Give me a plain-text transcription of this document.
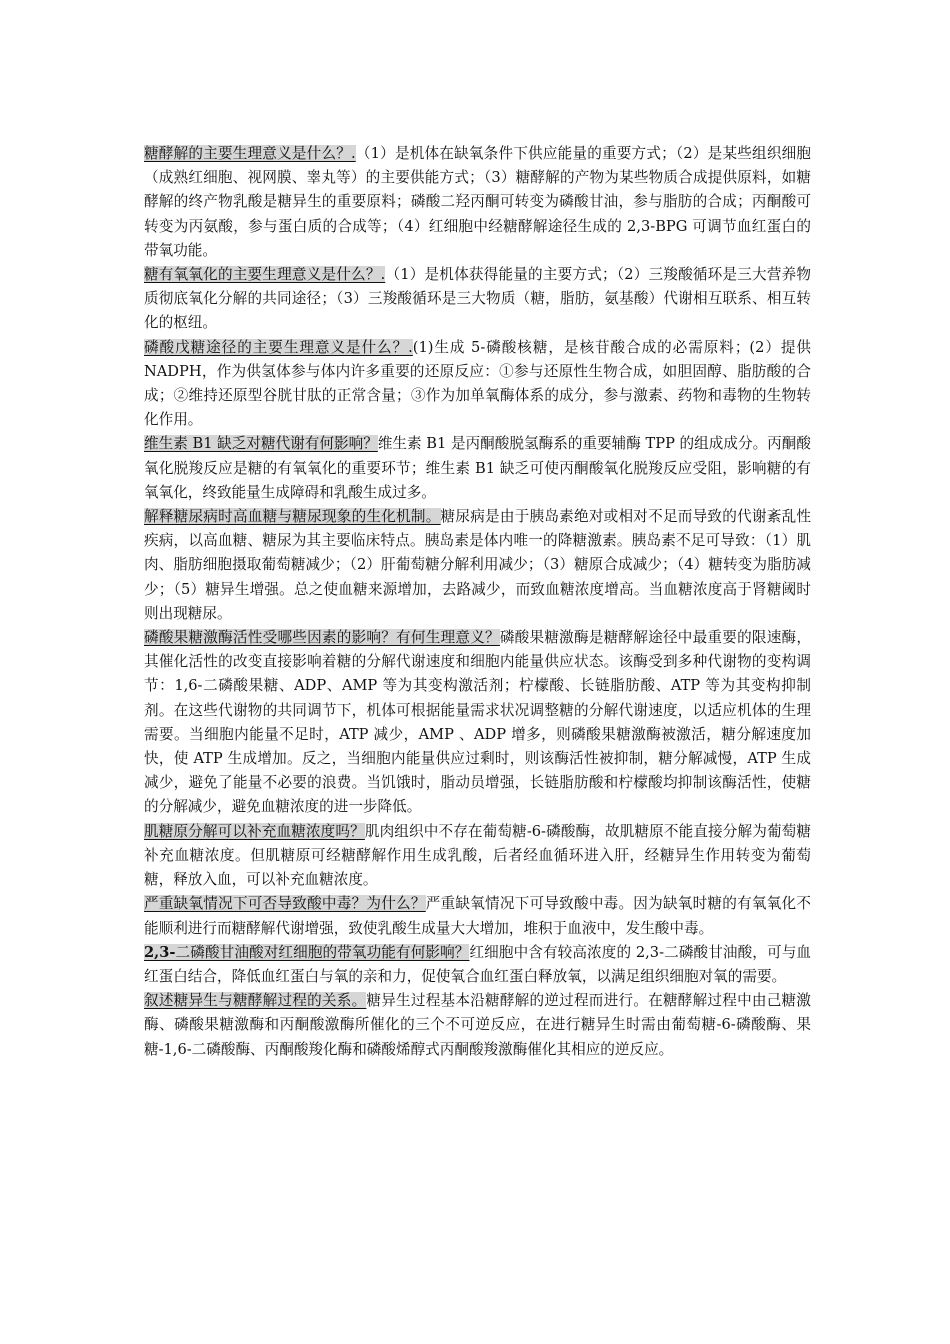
糖酵解的主要生理意义是什么？.（1）是机体在缺氧条件下供应能量的重要方式；（2）是某些组织细胞（成熟红细胞、视网膜、睾丸等）的主要供能方式；（3）糖酵解的产物为某些物质合成提供原料，如糖酵解的终产物乳酸是糖异生的重要原料；磷酸二羟丙酮可转变为磷酸甘油，参与脂肪的合成；丙酮酸可转变为丙氨酸，参与蛋白质的合成等；（4）红细胞中经糖酵解途径生成的 2,3-BPG 可调节血红蛋白的带氧功能。

糖有氧氧化的主要生理意义是什么？.（1）是机体获得能量的主要方式；（2）三羧酸循环是三大营养物质彻底氧化分解的共同途径；（3）三羧酸循环是三大物质（糖，脂肪，氨基酸）代谢相互联系、相互转化的枢纽。

磷酸戊糖途径的主要生理意义是什么？.(1)生成 5-磷酸核糖，是核苷酸合成的必需原料；(2）提供 NADPH，作为供氢体参与体内许多重要的还原反应：①参与还原性生物合成，如胆固醇、脂肪酸的合成；②维持还原型谷胱甘肽的正常含量；③作为加单氧酶体系的成分，参与激素、药物和毒物的生物转化作用。

维生素 B1 缺乏对糖代谢有何影响？维生素 B1 是丙酮酸脱氢酶系的重要辅酶 TPP 的组成成分。丙酮酸氧化脱羧反应是糖的有氧氧化的重要环节；维生素 B1 缺乏可使丙酮酸氧化脱羧反应受阻，影响糖的有氧氧化，终致能量生成障碍和乳酸生成过多。

解释糖尿病时高血糖与糖尿现象的生化机制。糖尿病是由于胰岛素绝对或相对不足而导致的代谢紊乱性疾病，以高血糖、糖尿为其主要临床特点。胰岛素是体内唯一的降糖激素。胰岛素不足可导致：（1）肌肉、脂肪细胞摄取葡萄糖减少；（2）肝葡萄糖分解利用减少；（3）糖原合成减少；（4）糖转变为脂肪减少；（5）糖异生增强。总之使血糖来源增加，去路减少，而致血糖浓度增高。当血糖浓度高于肾糖阈时则出现糖尿。

磷酸果糖激酶活性受哪些因素的影响？有何生理意义？磷酸果糖激酶是糖酵解途径中最重要的限速酶，其催化活性的改变直接影响着糖的分解代谢速度和细胞内能量供应状态。该酶受到多种代谢物的变构调节：1,6-二磷酸果糖、ADP、AMP 等为其变构激活剂；柠檬酸、长链脂肪酸、ATP 等为其变构抑制剂。在这些代谢物的共同调节下，机体可根据能量需求状况调整糖的分解代谢速度，以适应机体的生理需要。当细胞内能量不足时，ATP 减少，AMP 、ADP 增多，则磷酸果糖激酶被激活，糖分解速度加快，使 ATP 生成增加。反之，当细胞内能量供应过剩时，则该酶活性被抑制，糖分解减慢，ATP 生成减少，避免了能量不必要的浪费。当饥饿时，脂动员增强，长链脂肪酸和柠檬酸均抑制该酶活性，使糖的分解减少，避免血糖浓度的进一步降低。

肌糖原分解可以补充血糖浓度吗？肌肉组织中不存在葡萄糖-6-磷酸酶，故肌糖原不能直接分解为葡萄糖补充血糖浓度。但肌糖原可经糖酵解作用生成乳酸，后者经血循环进入肝，经糖异生作用转变为葡萄糖，释放入血，可以补充血糖浓度。

严重缺氧情况下可否导致酸中毒？为什么？严重缺氧情况下可导致酸中毒。因为缺氧时糖的有氧氧化不能顺利进行而糖酵解代谢增强，致使乳酸生成量大大增加，堆积于血液中，发生酸中毒。

2,3-二磷酸甘油酸对红细胞的带氧功能有何影响？红细胞中含有较高浓度的 2,3-二磷酸甘油酸，可与血红蛋白结合，降低血红蛋白与氧的亲和力，促使氧合血红蛋白释放氧，以满足组织细胞对氧的需要。

叙述糖异生与糖酵解过程的关系。糖异生过程基本沿糖酵解的逆过程而进行。在糖酵解过程中由己糖激酶、磷酸果糖激酶和丙酮酸激酶所催化的三个不可逆反应，在进行糖异生时需由葡萄糖-6-磷酸酶、果糖-1,6-二磷酸酶、丙酮酸羧化酶和磷酸烯醇式丙酮酸羧激酶催化其相应的逆反应。
